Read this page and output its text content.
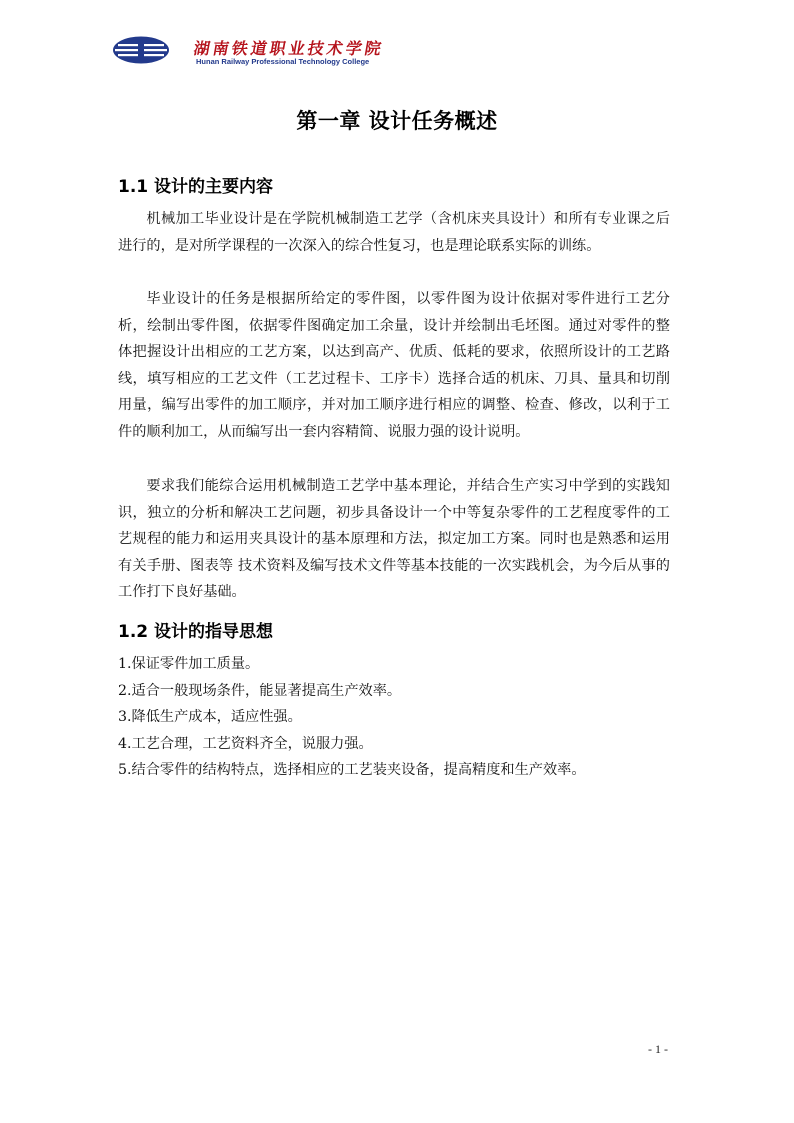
湖南铁道职业技术学院
Hunan Railway Professional Technology College
第一章 设计任务概述
1.1 设计的主要内容

机械加工毕业设计是在学院机械制造工艺学（含机床夹具设计）和所有专业课之后进行的，是对所学课程的一次深入的综合性复习，也是理论联系实际的训练。

毕业设计的任务是根据所给定的零件图，以零件图为设计依据对零件进行工艺分析，绘制出零件图，依据零件图确定加工余量，设计并绘制出毛坯图。通过对零件的整体把握设计出相应的工艺方案，以达到高产、优质、低耗的要求，依照所设计的工艺路线，填写相应的工艺文件（工艺过程卡、工序卡）选择合适的机床、刀具、量具和切削用量，编写出零件的加工顺序，并对加工顺序进行相应的调整、检查、修改，以利于工件的顺利加工，从而编写出一套内容精简、说服力强的设计说明。

要求我们能综合运用机械制造工艺学中基本理论，并结合生产实习中学到的实践知识，独立的分析和解决工艺问题，初步具备设计一个中等复杂零件的工艺程度零件的工艺规程的能力和运用夹具设计的基本原理和方法，拟定加工方案。同时也是熟悉和运用有关手册、图表等 技术资料及编写技术文件等基本技能的一次实践机会，为今后从事的工作打下良好基础。

1.2 设计的指导思想
1.保证零件加工质量。
2.适合一般现场条件，能显著提高生产效率。
3.降低生产成本，适应性强。
4.工艺合理，工艺资料齐全，说服力强。
5.结合零件的结构特点，选择相应的工艺装夹设备，提高精度和生产效率。
- 1 -
